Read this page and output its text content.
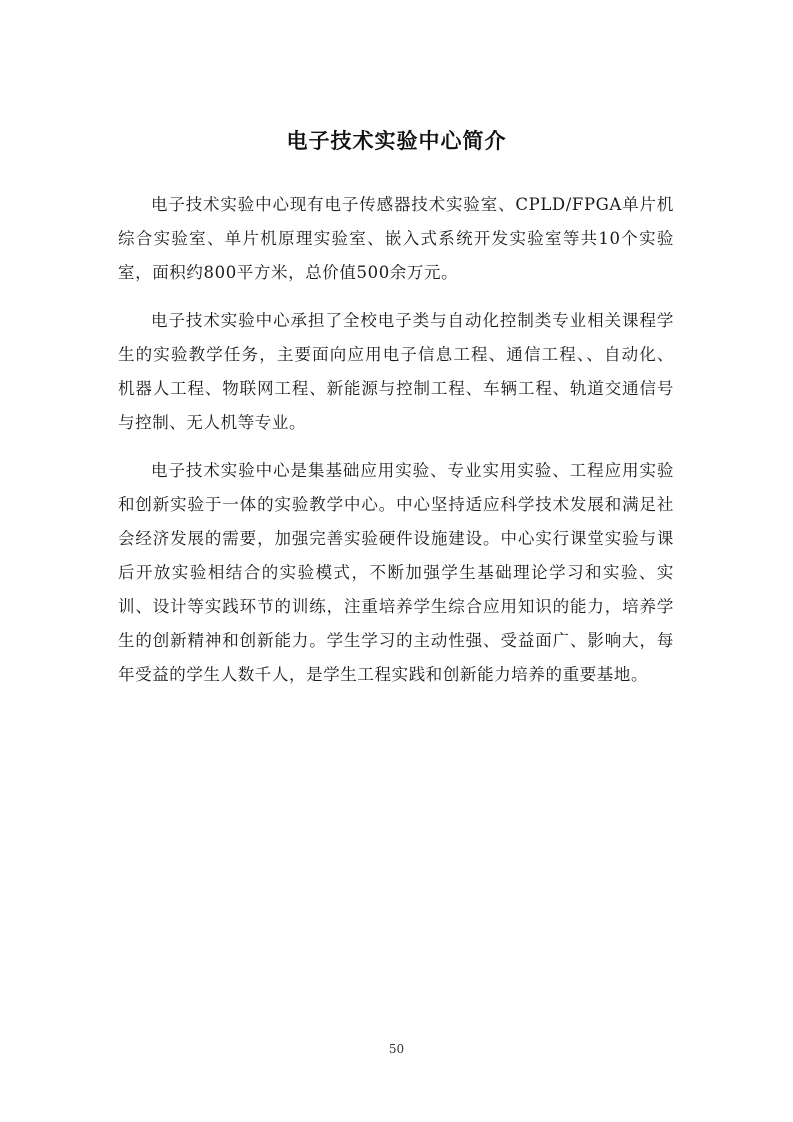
电子技术实验中心简介

电子技术实验中心现有电子传感器技术实验室、CPLD/FPGA单片机综合实验室、单片机原理实验室、嵌入式系统开发实验室等共10个实验室，面积约800平方米，总价值500余万元。

电子技术实验中心承担了全校电子类与自动化控制类专业相关课程学生的实验教学任务，主要面向应用电子信息工程、通信工程、、自动化、机器人工程、物联网工程、新能源与控制工程、车辆工程、轨道交通信号与控制、无人机等专业。

电子技术实验中心是集基础应用实验、专业实用实验、工程应用实验和创新实验于一体的实验教学中心。中心坚持适应科学技术发展和满足社会经济发展的需要，加强完善实验硬件设施建设。中心实行课堂实验与课后开放实验相结合的实验模式，不断加强学生基础理论学习和实验、实训、设计等实践环节的训练，注重培养学生综合应用知识的能力，培养学生的创新精神和创新能力。学生学习的主动性强、受益面广、影响大，每年受益的学生人数千人，是学生工程实践和创新能力培养的重要基地。

50
